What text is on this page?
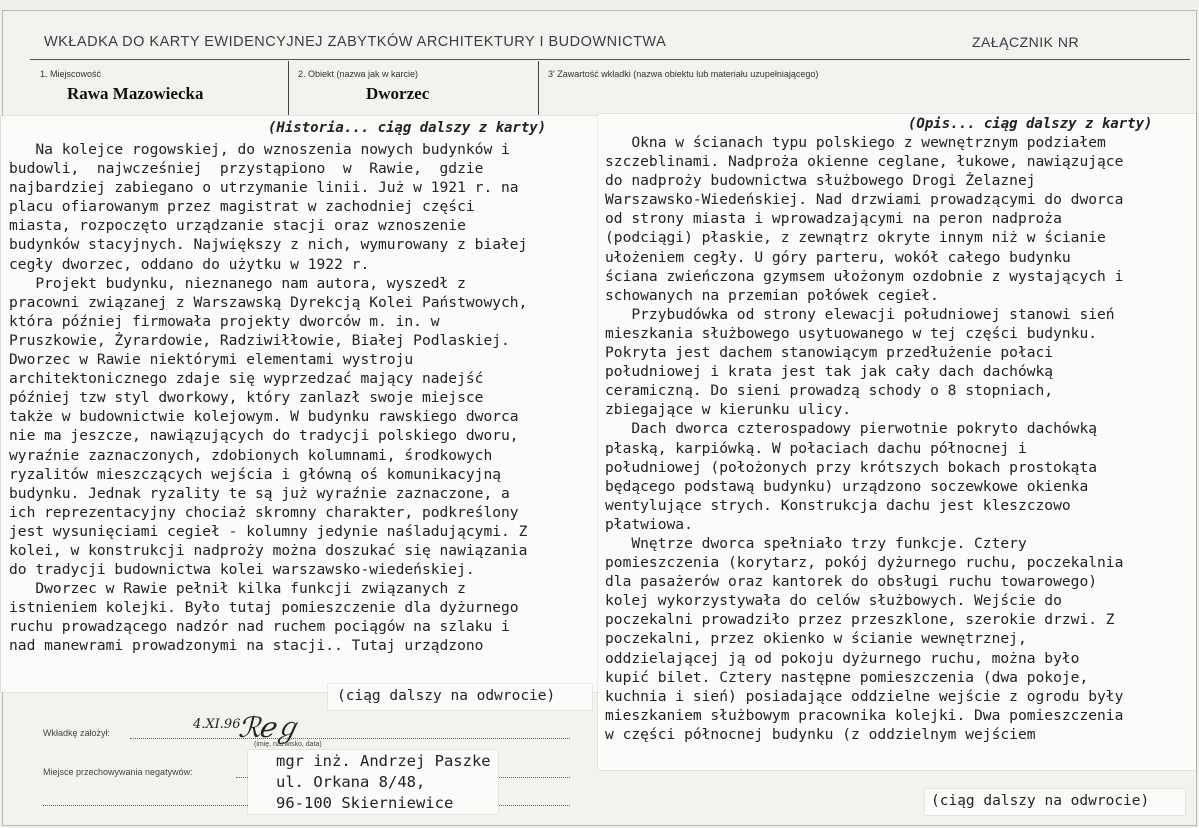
WKŁADKA DO KARTY EWIDENCYJNEJ ZABYTKÓW ARCHITEKTURY I BUDOWNICTWA	ZAŁĄCZNIK NR
1. Miejscowość
Rawa Mazowiecka
2. Obiekt (nazwa jak w karcie)
Dworzec
3' Zawartość wkładki (nazwa obiektu lub materiału uzupełniającego)
(Historia... ciąg dalszy z karty)

Na kolejce rogowskiej, do wznoszenia nowych budynków i

budowli,  najwcześniej  przystąpiono  w  Rawie,  gdzie

najbardziej zabiegano o utrzymanie linii. Już w 1921 r. na

placu ofiarowanym przez magistrat w zachodniej części

miasta, rozpoczęto urządzanie stacji oraz wznoszenie

budynków stacyjnych. Największy z nich, wymurowany z białej

cegły dworzec, oddano do użytku w 1922 r.

Projekt budynku, nieznanego nam autora, wyszedł z

pracowni związanej z Warszawską Dyrekcją Kolei Państwowych,

która później firmowała projekty dworców m. in. w

Pruszkowie, Żyrardowie, Radziwiłłowie, Białej Podlaskiej.

Dworzec w Rawie niektórymi elementami wystroju

architektonicznego zdaje się wyprzedzać mający nadejść

później tzw styl dworkowy, który zanlazł swoje miejsce

także w budownictwie kolejowym. W budynku rawskiego dworca

nie ma jeszcze, nawiązujących do tradycji polskiego dworu,

wyraźnie zaznaczonych, zdobionych kolumnami, środkowych

ryzalitów mieszczących wejścia i główną oś komunikacyjną

budynku. Jednak ryzality te są już wyraźnie zaznaczone, a

ich reprezentacyjny chociaż skromny charakter, podkreślony

jest wysunięciami cegieł - kolumny jedynie naśladującymi. Z

kolei, w konstrukcji nadproży można doszukać się nawiązania

do tradycji budownictwa kolei warszawsko-wiedeńskiej.

Dworzec w Rawie pełnił kilka funkcji związanych z

istnieniem kolejki. Było tutaj pomieszczenie dla dyżurnego

ruchu prowadzącego nadzór nad ruchem pociągów na szlaku i

nad manewrami prowadzonymi na stacji.. Tutaj urządzono

(Opis... ciąg dalszy z karty)

Okna w ścianach typu polskiego z wewnętrznym podziałem

szczeblinami. Nadproża okienne ceglane, łukowe, nawiązujące

do nadproży budownictwa służbowego Drogi Żelaznej

Warszawsko-Wiedeńskiej. Nad drzwiami prowadzącymi do dworca

od strony miasta i wprowadzającymi na peron nadproża

(podciągi) płaskie, z zewnątrz okryte innym niż w ścianie

ułożeniem cegły. U góry parteru, wokół całego budynku

ściana zwieńczona gzymsem ułożonym ozdobnie z wystających i

schowanych na przemian połówek cegieł.

Przybudówka od strony elewacji południowej stanowi sień

mieszkania służbowego usytuowanego w tej części budynku.

Pokryta jest dachem stanowiącym przedłużenie połaci

południowej i krata jest tak jak cały dach dachówką

ceramiczną. Do sieni prowadzą schody o 8 stopniach,

zbiegające w kierunku ulicy.

Dach dworca czterospadowy pierwotnie pokryto dachówką

płaską, karpiówką. W połaciach dachu północnej i

południowej (położonych przy krótszych bokach prostokąta

będącego podstawą budynku) urządzono soczewkowe okienka

wentylujące strych. Konstrukcja dachu jest kleszczowo

płatwiowa.

Wnętrze dworca spełniało trzy funkcje. Cztery

pomieszczenia (korytarz, pokój dyżurnego ruchu, poczekalnia

dla pasażerów oraz kantorek do obsługi ruchu towarowego)

kolej wykorzystywała do celów służbowych. Wejście do

poczekalni prowadziło przez przeszklone, szerokie drzwi. Z

poczekalni, przez okienko w ścianie wewnętrznej,

oddzielającej ją od pokoju dyżurnego ruchu, można było

kupić bilet. Cztery następne pomieszczenia (dwa pokoje,

kuchnia i sień) posiadające oddzielne wejście z ogrodu były

mieszkaniem służbowym pracownika kolejki. Dwa pomieszczenia

w części północnej budynku (z oddzielnym wejściem

(ciąg dalszy na odwrocie)
(ciąg dalszy na odwrocie)
Wkładkę założył:
4.XI.96
ℛℯℊ
(imię, nazwisko, data)
Miejsce przechowywania negatywów:
mgr inż. Andrzej Paszke
ul. Orkana 8/48,
96-100 Skierniewice
